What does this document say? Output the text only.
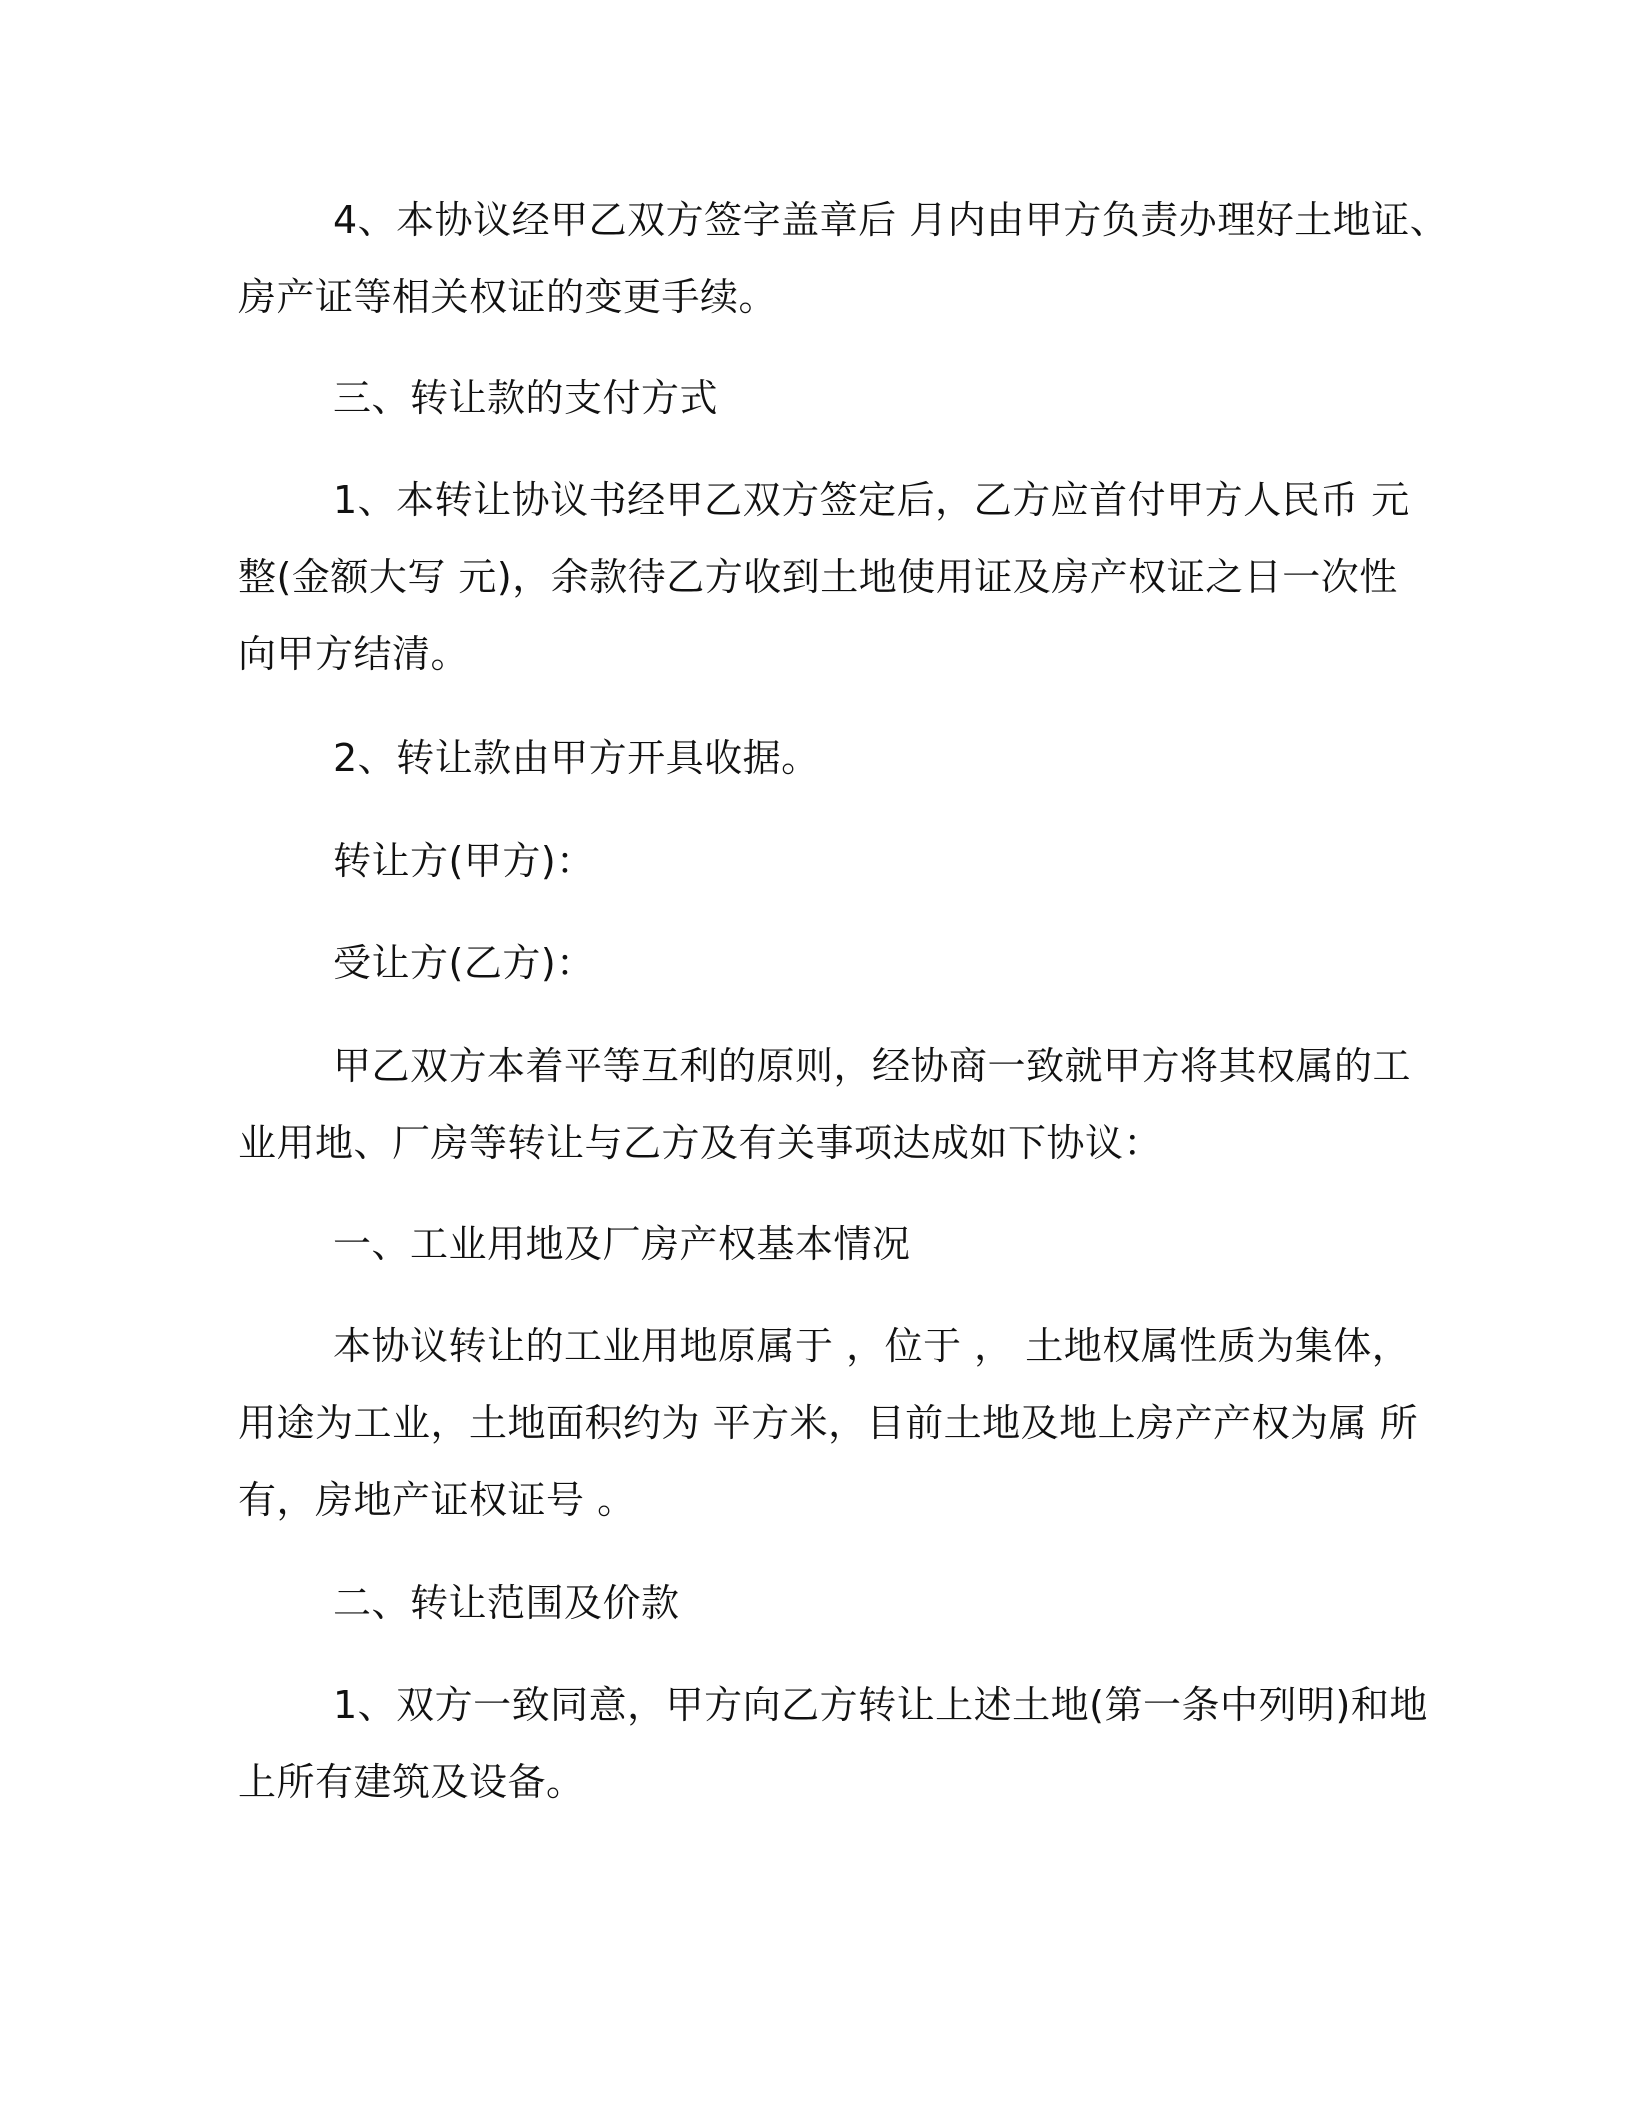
4、本协议经甲乙双方签字盖章后 月内由甲方负责办理好土地证、
房产证等相关权证的变更手续。
三、转让款的支付方式
1、本转让协议书经甲乙双方签定后，乙方应首付甲方人民币 元
整(金额大写 元)，余款待乙方收到土地使用证及房产权证之日一次性
向甲方结清。
2、转让款由甲方开具收据。
转让方(甲方)：
受让方(乙方)：
甲乙双方本着平等互利的原则，经协商一致就甲方将其权属的工
业用地、厂房等转让与乙方及有关事项达成如下协议：
一、工业用地及厂房产权基本情况
本协议转让的工业用地原属于 ，位于 ， 土地权属性质为集体，
用途为工业，土地面积约为 平方米，目前土地及地上房产产权为属 所
有，房地产证权证号 。
二、转让范围及价款
1、双方一致同意，甲方向乙方转让上述土地(第一条中列明)和地
上所有建筑及设备。
